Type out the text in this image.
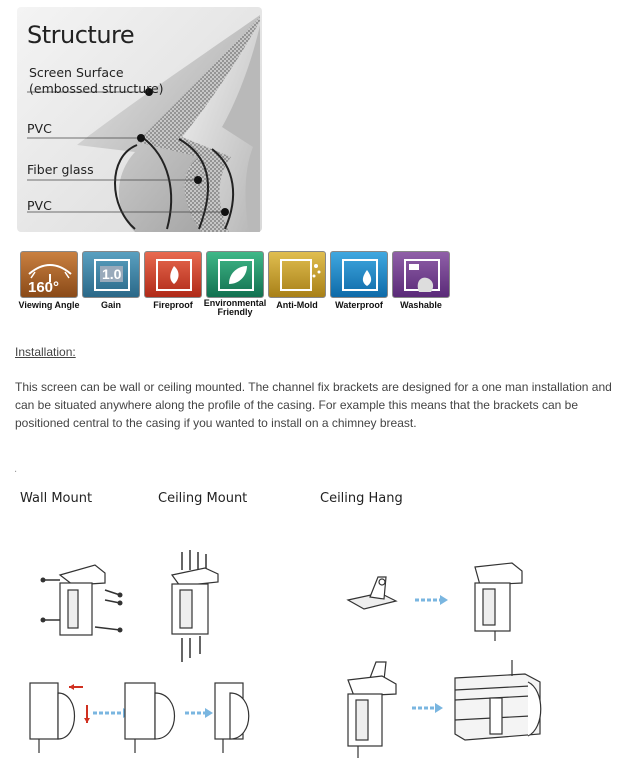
Structure
Screen Surface
(embossed structure)
PVC
Fiber glass
PVC
160°
Viewing Angle
1.0
Gain	Fireproof	Environmental
Friendly
Anti-Mold	Waterproof	Washable
Installation:
This screen can be wall or ceiling mounted. The channel fix brackets are designed for a one man installation and can be situated anywhere along the profile of the casing. For example this means that the brackets can be positioned central to the casing if you wanted to install on a chimney breast.
.
Wall Mount	Ceiling Mount	Ceiling Hang
